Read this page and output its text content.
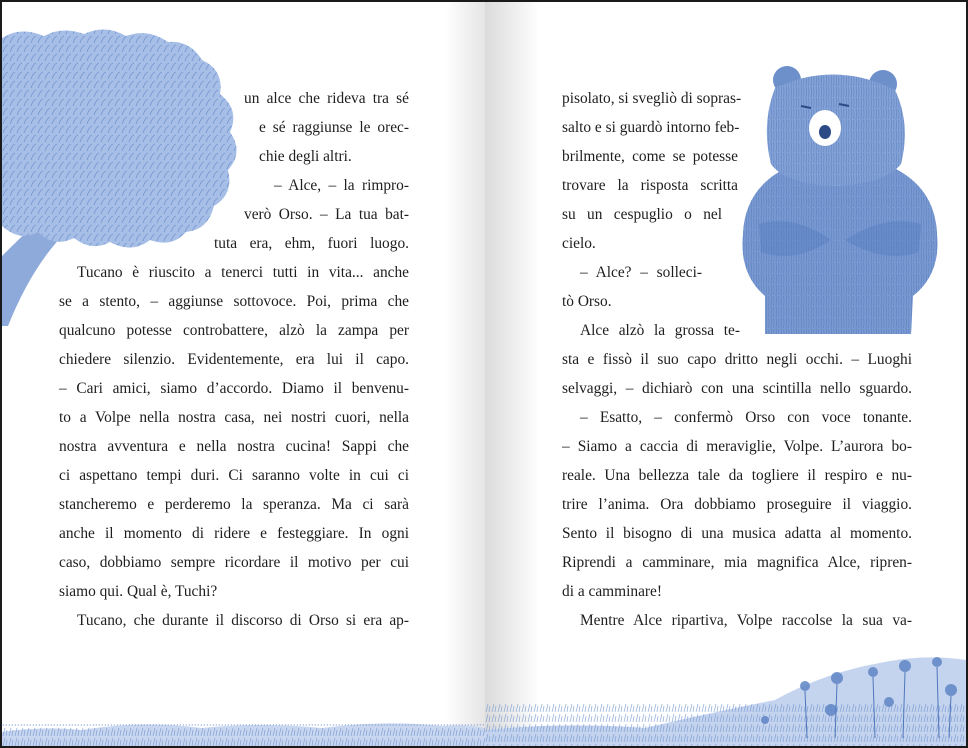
un alce che rideva tra sé
e sé raggiunse le orec-
chie degli altri.
– Alce, – la rimpro-
verò Orso. – La tua bat-
tuta era, ehm, fuori luogo.
Tucano è riuscito a tenerci tutti in vita... anche
se a stento, – aggiunse sottovoce. Poi, prima che
qualcuno potesse controbattere, alzò la zampa per
chiedere silenzio. Evidentemente, era lui il capo.
– Cari amici, siamo d’accordo. Diamo il benvenu-
to a Volpe nella nostra casa, nei nostri cuori, nella
nostra avventura e nella nostra cucina! Sappi che
ci aspettano tempi duri. Ci saranno volte in cui ci
stancheremo e perderemo la speranza. Ma ci sarà
anche il momento di ridere e festeggiare. In ogni
caso, dobbiamo sempre ricordare il motivo per cui
siamo qui. Qual è, Tuchi?
Tucano, che durante il discorso di Orso si era ap-
pisolato, si svegliò di sopras-
salto e si guardò intorno feb-
brilmente, come se potesse
trovare la risposta scritta
su un cespuglio o nel
cielo.
– Alce? – solleci-
tò Orso.
Alce alzò la grossa te-
sta e fissò il suo capo dritto negli occhi. – Luoghi
selvaggi, – dichiarò con una scintilla nello sguardo.
– Esatto, – confermò Orso con voce tonante.
– Siamo a caccia di meraviglie, Volpe. L’aurora bo-
reale. Una bellezza tale da togliere il respiro e nu-
trire l’anima. Ora dobbiamo proseguire il viaggio.
Sento il bisogno di una musica adatta al momento.
Riprendi a camminare, mia magnifica Alce, ripren-
di a camminare!
Mentre Alce ripartiva, Volpe raccolse la sua va-
